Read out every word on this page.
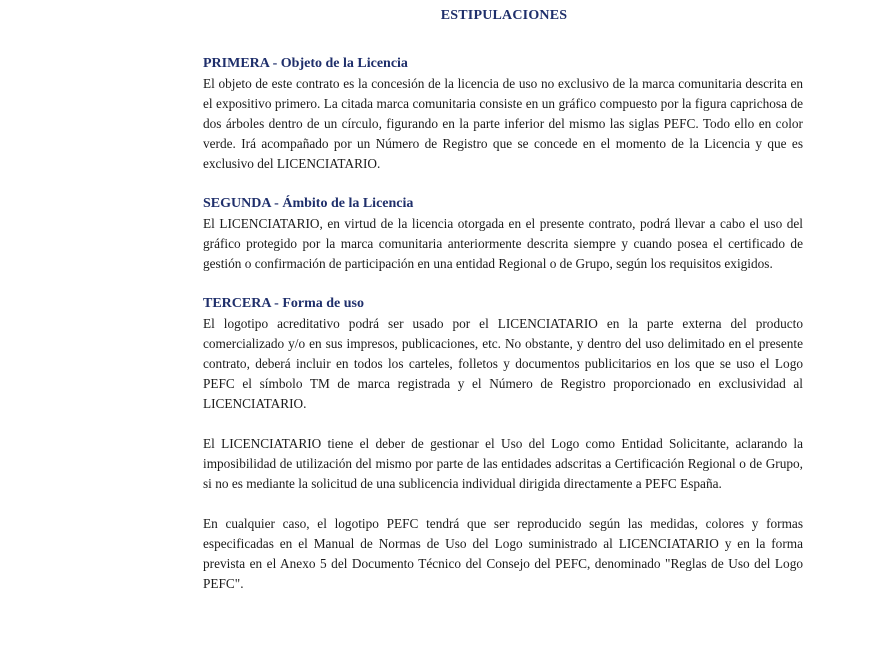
ESTIPULACIONES
PRIMERA - Objeto de la Licencia

El objeto de este contrato es la concesión de la licencia de uso no exclusivo de la marca comunitaria descrita en el expositivo primero. La citada marca comunitaria consiste en un gráfico compuesto por la figura caprichosa de dos árboles dentro de un círculo, figurando en la parte inferior del mismo las siglas PEFC. Todo ello en color verde. Irá acompañado por un Número de Registro que se concede en el momento de la Licencia y que es exclusivo del LICENCIATARIO.

SEGUNDA - Ámbito de la Licencia

El LICENCIATARIO, en virtud de la licencia otorgada en el presente contrato, podrá llevar a cabo el uso del gráfico protegido por la marca comunitaria anteriormente descrita siempre y cuando posea el certificado de gestión o confirmación de participación en una entidad Regional o de Grupo, según los requisitos exigidos.

TERCERA - Forma de uso

El logotipo acreditativo podrá ser usado por el LICENCIATARIO en la parte externa del producto comercializado y/o en sus impresos, publicaciones, etc. No obstante, y dentro del uso delimitado en el presente contrato, deberá incluir en todos los carteles, folletos y documentos publicitarios en los que se uso el Logo PEFC el símbolo TM de marca registrada y el Número de Registro proporcionado en exclusividad al LICENCIATARIO.

El LICENCIATARIO tiene el deber de gestionar el Uso del Logo como Entidad Solicitante, aclarando la imposibilidad de utilización del mismo por parte de las entidades adscritas a Certificación Regional o de Grupo, si no es mediante la solicitud de una sublicencia individual dirigida directamente a PEFC España.

En cualquier caso, el logotipo PEFC tendrá que ser reproducido según las medidas, colores y formas especificadas en el Manual de Normas de Uso del Logo suministrado al LICENCIATARIO y en la forma prevista en el Anexo 5 del Documento Técnico del Consejo del PEFC, denominado "Reglas de Uso del Logo PEFC".
